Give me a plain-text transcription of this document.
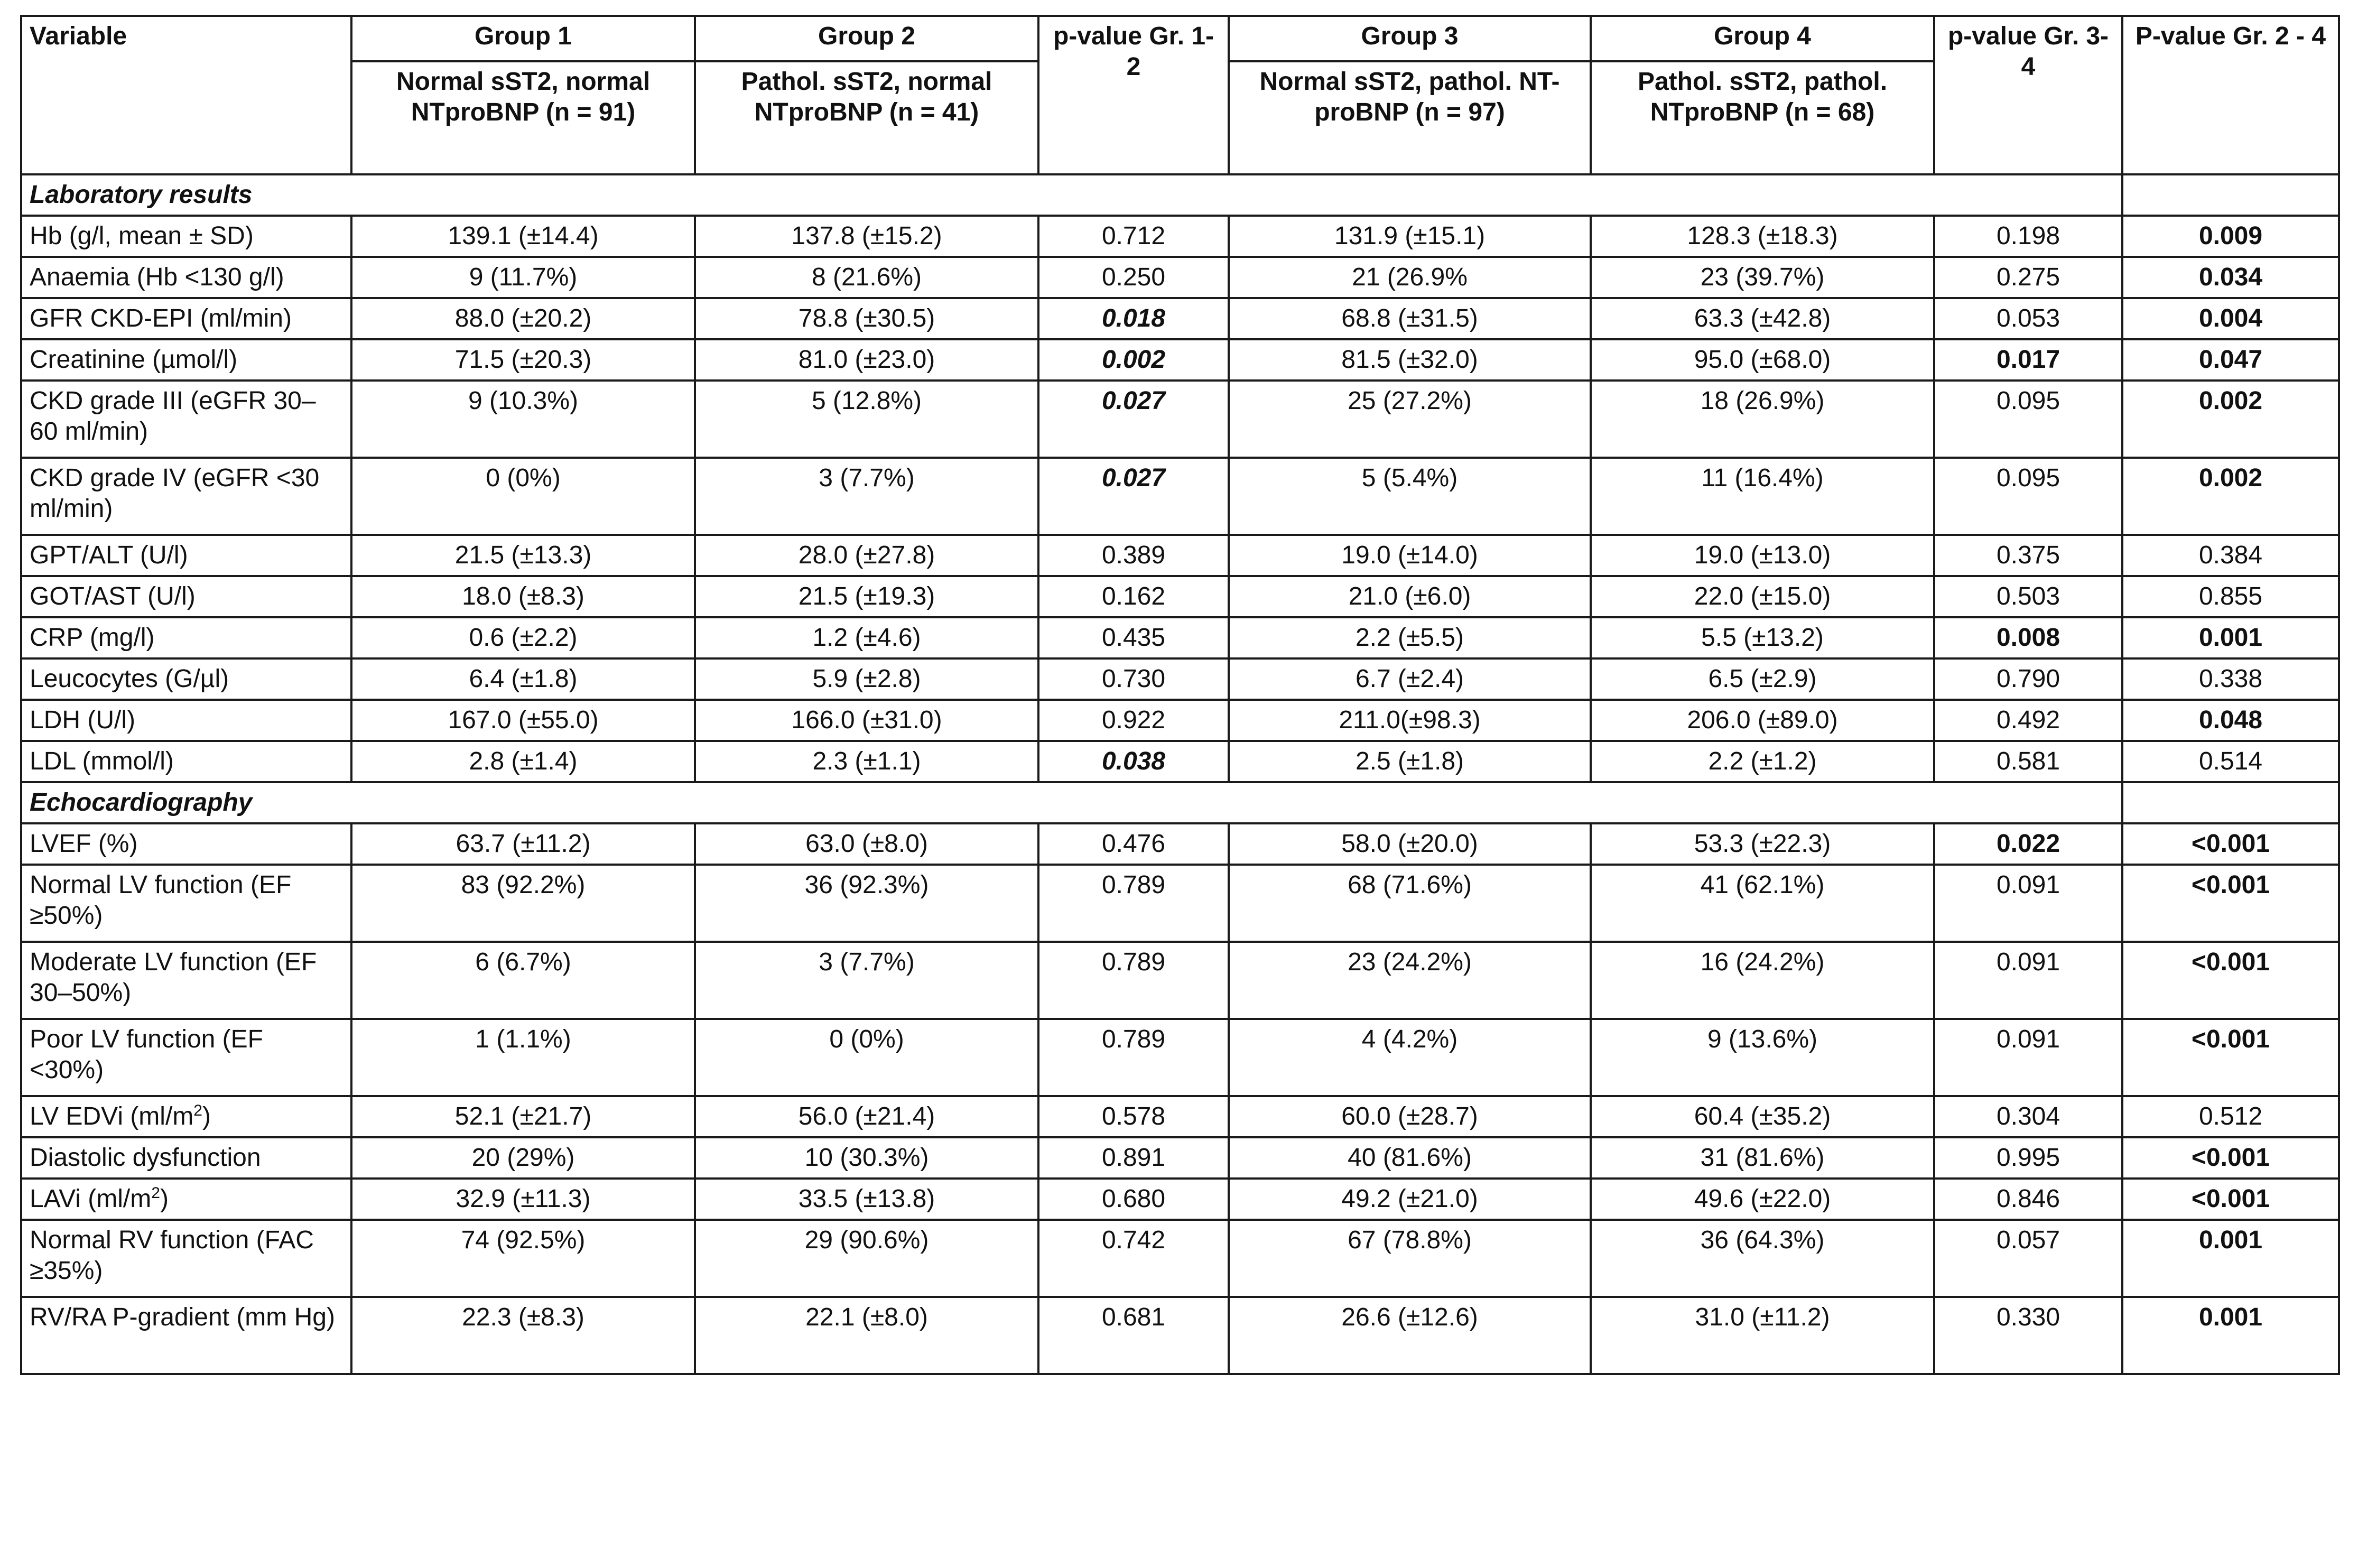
Variable	Group 1	Group 2	p-value Gr. 1-2	Group 3	Group 4	p-value Gr. 3-4	P-value Gr. 2 - 4
	Normal sST2, normal NTproBNP (n = 91)	Pathol. sST2, normal NTproBNP (n = 41)		Normal sST2, pathol. NT-proBNP (n = 97)	Pathol. sST2, pathol. NTproBNP (n = 68)		
Laboratory results							
Hb (g/l, mean ± SD)	139.1 (±14.4)	137.8 (±15.2)	0.712	131.9 (±15.1)	128.3 (±18.3)	0.198	0.009
Anaemia (Hb <130 g/l)	9 (11.7%)	8 (21.6%)	0.250	21 (26.9%	23 (39.7%)	0.275	0.034
GFR CKD-EPI (ml/min)	88.0 (±20.2)	78.8 (±30.5)	0.018	68.8 (±31.5)	63.3 (±42.8)	0.053	0.004
Creatinine (µmol/l)	71.5 (±20.3)	81.0 (±23.0)	0.002	81.5 (±32.0)	95.0 (±68.0)	0.017	0.047
CKD grade III (eGFR 30–60 ml/min)	9 (10.3%)	5 (12.8%)	0.027	25 (27.2%)	18 (26.9%)	0.095	0.002
CKD grade IV (eGFR <30 ml/min)	0 (0%)	3 (7.7%)	0.027	5 (5.4%)	11 (16.4%)	0.095	0.002
GPT/ALT (U/l)	21.5 (±13.3)	28.0 (±27.8)	0.389	19.0 (±14.0)	19.0 (±13.0)	0.375	0.384
GOT/AST (U/l)	18.0 (±8.3)	21.5 (±19.3)	0.162	21.0 (±6.0)	22.0 (±15.0)	0.503	0.855
CRP (mg/l)	0.6 (±2.2)	1.2 (±4.6)	0.435	2.2 (±5.5)	5.5 (±13.2)	0.008	0.001
Leucocytes (G/µl)	6.4 (±1.8)	5.9 (±2.8)	0.730	6.7 (±2.4)	6.5 (±2.9)	0.790	0.338
LDH (U/l)	167.0 (±55.0)	166.0 (±31.0)	0.922	211.0(±98.3)	206.0 (±89.0)	0.492	0.048
LDL (mmol/l)	2.8 (±1.4)	2.3 (±1.1)	0.038	2.5 (±1.8)	2.2 (±1.2)	0.581	0.514
Echocardiography							
LVEF (%)	63.7 (±11.2)	63.0 (±8.0)	0.476	58.0 (±20.0)	53.3 (±22.3)	0.022	<0.001
Normal LV function (EF ≥50%)	83 (92.2%)	36 (92.3%)	0.789	68 (71.6%)	41 (62.1%)	0.091	<0.001
Moderate LV function (EF 30–50%)	6 (6.7%)	3 (7.7%)	0.789	23 (24.2%)	16 (24.2%)	0.091	<0.001
Poor LV function (EF <30%)	1 (1.1%)	0 (0%)	0.789	4 (4.2%)	9 (13.6%)	0.091	<0.001
LV EDVi $(ml/m^2)$	52.1 (±21.7)	56.0 (±21.4)	0.578	60.0 (±28.7)	60.4 (±35.2)	0.304	0.512
Diastolic dysfunction	20 (29%)	10 (30.3%)	0.891	40 (81.6%)	31 (81.6%)	0.995	<0.001
LAVi $(ml/m^2)$	32.9 (±11.3)	33.5 (±13.8)	0.680	49.2 (±21.0)	49.6 (±22.0)	0.846	<0.001
Normal RV function (FAC ≥35%)	74 (92.5%)	29 (90.6%)	0.742	67 (78.8%)	36 (64.3%)	0.057	0.001
RV/RA P-gradient (mm Hg)	22.3 (±8.3)	22.1 (±8.0)	0.681	26.6 (±12.6)	31.0 (±11.2)	0.330	0.001
